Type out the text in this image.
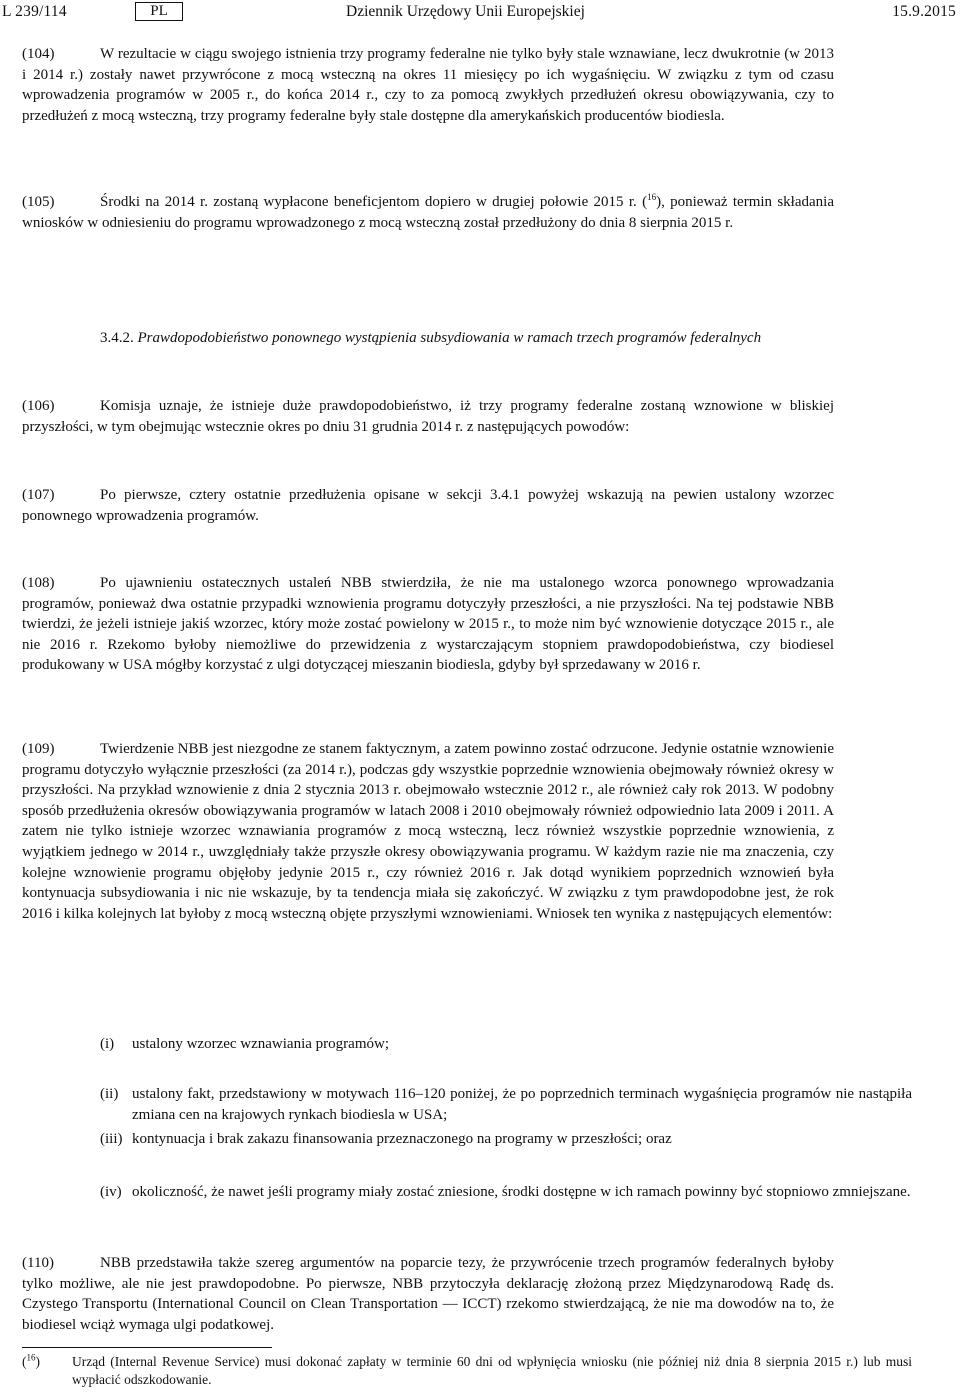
L 239/114	PL	Dziennik Urzędowy Unii Europejskiej	15.9.2015
(104)	W rezultacie w ciągu swojego istnienia trzy programy federalne nie tylko były stale wznawiane, lecz dwukrotnie (w 2013 i 2014 r.) zostały nawet przywrócone z mocą wsteczną na okres 11 miesięcy po ich wygaśnięciu. W związku z tym od czasu wprowadzenia programów w 2005 r., do końca 2014 r., czy to za pomocą zwykłych przedłużeń okresu obowiązywania, czy to przedłużeń z mocą wsteczną, trzy programy federalne były stale dostępne dla amerykańskich producentów biodiesla.
(105)	Środki na 2014 r. zostaną wypłacone beneficjentom dopiero w drugiej połowie 2015 r. ($^{16}$), ponieważ termin składania wniosków w odniesieniu do programu wprowadzonego z mocą wsteczną został przedłużony do dnia 8 sierpnia 2015 r.
3.4.2. Prawdopodobieństwo ponownego wystąpienia subsydiowania w ramach trzech programów federalnych
(106)	Komisja uznaje, że istnieje duże prawdopodobieństwo, iż trzy programy federalne zostaną wznowione w bliskiej przyszłości, w tym obejmując wstecznie okres po dniu 31 grudnia 2014 r. z następujących powodów:
(107)	Po pierwsze, cztery ostatnie przedłużenia opisane w sekcji 3.4.1 powyżej wskazują na pewien ustalony wzorzec ponownego wprowadzenia programów.
(108)	Po ujawnieniu ostatecznych ustaleń NBB stwierdziła, że nie ma ustalonego wzorca ponownego wprowadzania programów, ponieważ dwa ostatnie przypadki wznowienia programu dotyczyły przeszłości, a nie przyszłości. Na tej podstawie NBB twierdzi, że jeżeli istnieje jakiś wzorzec, który może zostać powielony w 2015 r., to może nim być wznowienie dotyczące 2015 r., ale nie 2016 r. Rzekomo byłoby niemożliwe do przewidzenia z wystarczającym stopniem prawdopodobieństwa, czy biodiesel produkowany w USA mógłby korzystać z ulgi dotyczącej mieszanin biodiesla, gdyby był sprzedawany w 2016 r.
(109)	Twierdzenie NBB jest niezgodne ze stanem faktycznym, a zatem powinno zostać odrzucone. Jedynie ostatnie wznowienie programu dotyczyło wyłącznie przeszłości (za 2014 r.), podczas gdy wszystkie poprzednie wznowienia obejmowały również okresy w przyszłości. Na przykład wznowienie z dnia 2 stycznia 2013 r. obejmowało wstecznie 2012 r., ale również cały rok 2013. W podobny sposób przedłużenia okresów obowiązywania programów w latach 2008 i 2010 obejmowały również odpowiednio lata 2009 i 2011. A zatem nie tylko istnieje wzorzec wznawiania programów z mocą wsteczną, lecz również wszystkie poprzednie wznowienia, z wyjątkiem jednego w 2014 r., uwzględniały także przyszłe okresy obowiązywania programu. W każdym razie nie ma znaczenia, czy kolejne wznowienie programu objęłoby jedynie 2015 r., czy również 2016 r. Jak dotąd wynikiem poprzednich wznowień była kontynuacja subsydiowania i nic nie wskazuje, by ta tendencja miała się zakończyć. W związku z tym prawdopodobne jest, że rok 2016 i kilka kolejnych lat byłoby z mocą wsteczną objęte przyszłymi wznowieniami. Wniosek ten wynika z następujących elementów:
(i) ustalony wzorzec wznawiania programów;
(ii) ustalony fakt, przedstawiony w motywach 116–120 poniżej, że po poprzednich terminach wygaśnięcia programów nie nastąpiła zmiana cen na krajowych rynkach biodiesla w USA;
(iii) kontynuacja i brak zakazu finansowania przeznaczonego na programy w przeszłości; oraz
(iv) okoliczność, że nawet jeśli programy miały zostać zniesione, środki dostępne w ich ramach powinny być stopniowo zmniejszane.
(110)	NBB przedstawiła także szereg argumentów na poparcie tezy, że przywrócenie trzech programów federalnych byłoby tylko możliwe, ale nie jest prawdopodobne. Po pierwsze, NBB przytoczyła deklarację złożoną przez Międzynarodową Radę ds. Czystego Transportu (International Council on Clean Transportation — ICCT) rzekomo stwierdzającą, że nie ma dowodów na to, że biodiesel wciąż wymaga ulgi podatkowej.
($^{16}$) Urząd (Internal Revenue Service) musi dokonać zapłaty w terminie 60 dni od wpłynięcia wniosku (nie później niż dnia 8 sierpnia 2015 r.) lub musi wypłacić odszkodowanie.
